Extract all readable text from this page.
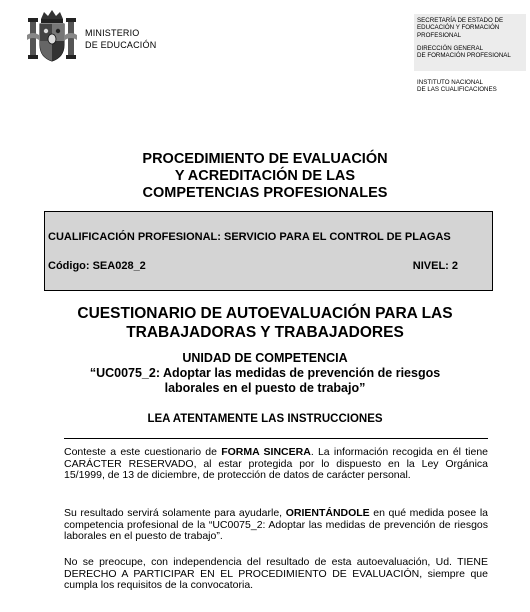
MINISTERIO
DE EDUCACIÓN
SECRETARÍA DE ESTADO DE
EDUCACIÓN Y FORMACIÓN
PROFESIONAL
DIRECCIÓN GENERAL
DE FORMACIÓN PROFESIONAL
INSTITUTO NACIONAL
DE LAS CUALIFICACIONES
PROCEDIMIENTO DE EVALUACIÓN
Y ACREDITACIÓN DE LAS
COMPETENCIAS PROFESIONALES
CUALIFICACIÓN PROFESIONAL: SERVICIO PARA EL CONTROL DE PLAGAS
Código: SEA028_2	NIVEL: 2
CUESTIONARIO DE AUTOEVALUACIÓN PARA LAS
TRABAJADORAS Y TRABAJADORES
UNIDAD DE COMPETENCIA
“UC0075_2: Adoptar las medidas de prevención de riesgos
laborales en el puesto de trabajo”
LEA ATENTAMENTE LAS INSTRUCCIONES
Conteste a este cuestionario de FORMA SINCERA. La información recogida en él tiene CARÁCTER RESERVADO, al estar protegida por lo dispuesto en la Ley Orgánica 15/1999, de 13 de diciembre, de protección de datos de carácter personal.
Su resultado servirá solamente para ayudarle, ORIENTÁNDOLE en qué medida posee la competencia profesional de la “UC0075_2: Adoptar las medidas de prevención de riesgos laborales en el puesto de trabajo”.
No se preocupe, con independencia del resultado de esta autoevaluación, Ud. TIENE DERECHO A PARTICIPAR EN EL PROCEDIMIENTO DE EVALUACIÓN, siempre que cumpla los requisitos de la convocatoria.
